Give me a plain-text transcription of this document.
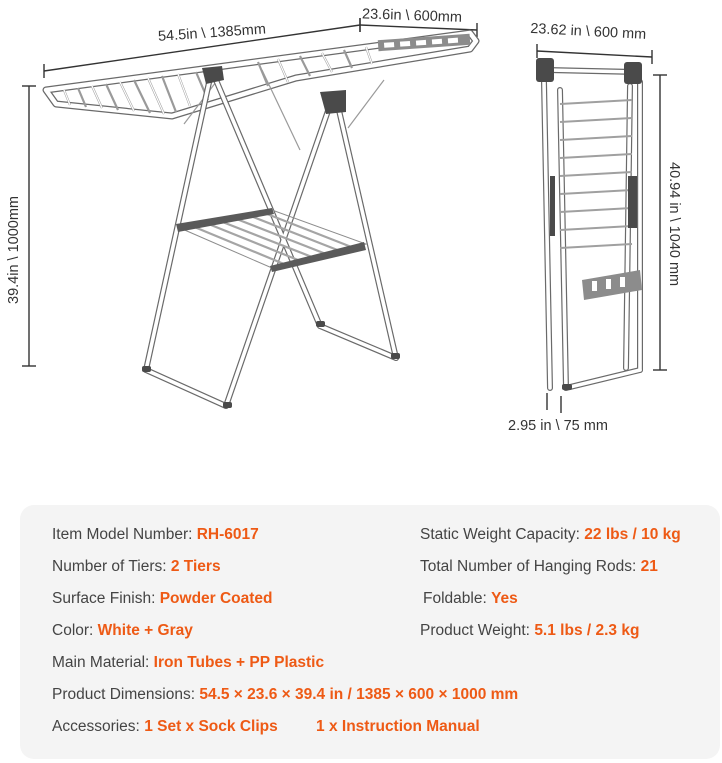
54.5in \ 1385mm
23.6in \ 600mm
39.4in \ 1000mm
23.62 in \ 600 mm
40.94 in \ 1040 mm
2.95 in \ 75 mm
Item Model Number: RH-6017
Number of Tiers: 2 Tiers
Surface Finish: Powder Coated
Color: White + Gray
Main Material: Iron Tubes + PP Plastic
Product Dimensions: 54.5 × 23.6 × 39.4 in / 1385 × 600 × 1000 mm
Accessories: 1 Set x Sock Clips 1 x Instruction Manual
Static Weight Capacity: 22 lbs / 10 kg
Total Number of Hanging Rods: 21
Foldable: Yes
Product Weight: 5.1 lbs / 2.3 kg
